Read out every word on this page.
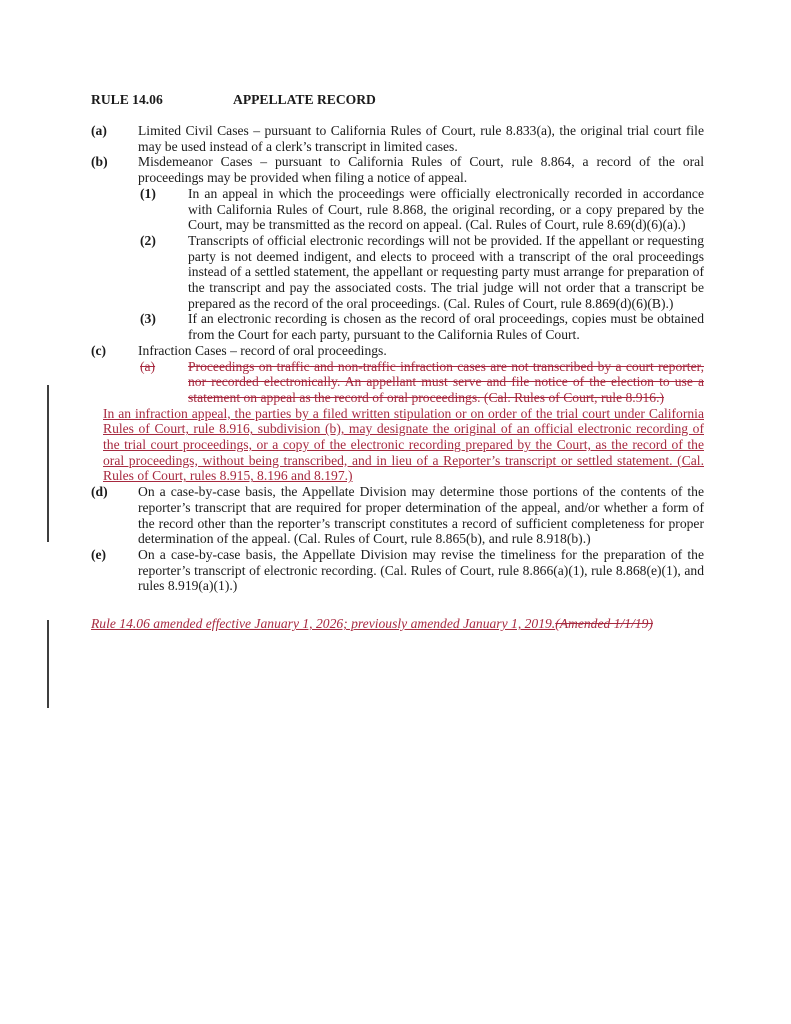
RULE 14.06	APPELLATE RECORD
(a)	Limited Civil Cases – pursuant to California Rules of Court, rule 8.833(a), the original trial court file may be used instead of a clerk’s transcript in limited cases.
(b)	Misdemeanor Cases – pursuant to California Rules of Court, rule 8.864, a record of the oral proceedings may be provided when filing a notice of appeal.
(1)	In an appeal in which the proceedings were officially electronically recorded in accordance with California Rules of Court, rule 8.868, the original recording, or a copy prepared by the Court, may be transmitted as the record on appeal. (Cal. Rules of Court, rule 8.69(d)(6)(a).)
(2)	Transcripts of official electronic recordings will not be provided. If the appellant or requesting party is not deemed indigent, and elects to proceed with a transcript of the oral proceedings instead of a settled statement, the appellant or requesting party must arrange for preparation of the transcript and pay the associated costs. The trial judge will not order that a transcript be prepared as the record of the oral proceedings. (Cal. Rules of Court, rule 8.869(d)(6)(B).)
(3)	If an electronic recording is chosen as the record of oral proceedings, copies must be obtained from the Court for each party, pursuant to the California Rules of Court.
(c)	Infraction Cases – record of oral proceedings.
(a)	Proceedings on traffic and non-traffic infraction cases are not transcribed by a court reporter, nor recorded electronically. An appellant must serve and file notice of the election to use a statement on appeal as the record of oral proceedings. (Cal. Rules of Court, rule 8.916.)
In an infraction appeal, the parties by a filed written stipulation or on order of the trial court under California Rules of Court, rule 8.916, subdivision (b), may designate the original of an official electronic recording of the trial court proceedings, or a copy of the electronic recording prepared by the Court, as the record of the oral proceedings, without being transcribed, and in lieu of a Reporter’s transcript or settled statement. (Cal. Rules of Court, rules 8.915, 8.196 and 8.197.)
(d)	On a case-by-case basis, the Appellate Division may determine those portions of the contents of the reporter’s transcript that are required for proper determination of the appeal, and/or whether a form of the record other than the reporter’s transcript constitutes a record of sufficient completeness for proper determination of the appeal. (Cal. Rules of Court, rule 8.865(b), and rule 8.918(b).)
(e)	On a case-by-case basis, the Appellate Division may revise the timeliness for the preparation of the reporter’s transcript of electronic recording. (Cal. Rules of Court, rule 8.866(a)(1), rule 8.868(e)(1), and rules 8.919(a)(1).)
Rule 14.06 amended effective January 1, 2026; previously amended January 1, 2019.(Amended 1/1/19)
